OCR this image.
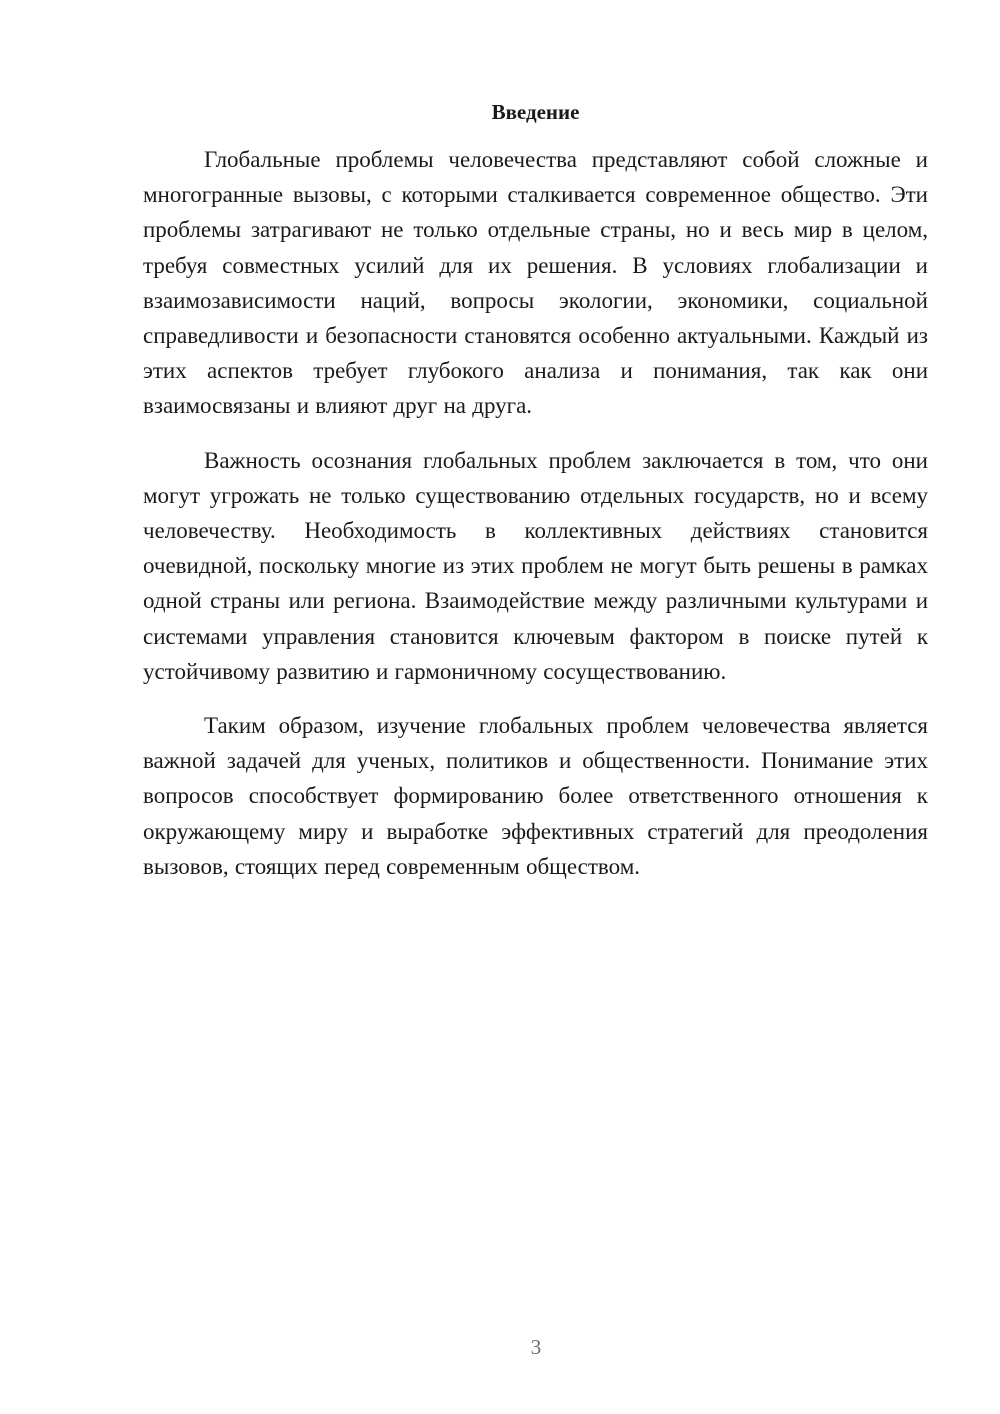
Введение

Глобальные проблемы человечества представляют собой сложные и многогранные вызовы, с которыми сталкивается современное общество. Эти проблемы затрагивают не только отдельные страны, но и весь мир в целом, требуя совместных усилий для их решения. В условиях глобализации и взаимозависимости наций, вопросы экологии, экономики, социальной справедливости и безопасности становятся особенно актуальными. Каждый из этих аспектов требует глубокого анализа и понимания, так как они взаимосвязаны и влияют друг на друга.

Важность осознания глобальных проблем заключается в том, что они могут угрожать не только существованию отдельных государств, но и всему человечеству. Необходимость в коллективных действиях становится очевидной, поскольку многие из этих проблем не могут быть решены в рамках одной страны или региона. Взаимодействие между различными культурами и системами управления становится ключевым фактором в поиске путей к устойчивому развитию и гармоничному сосуществованию.

Таким образом, изучение глобальных проблем человечества является важной задачей для ученых, политиков и общественности. Понимание этих вопросов способствует формированию более ответственного отношения к окружающему миру и выработке эффективных стратегий для преодоления вызовов, стоящих перед современным обществом.

3
